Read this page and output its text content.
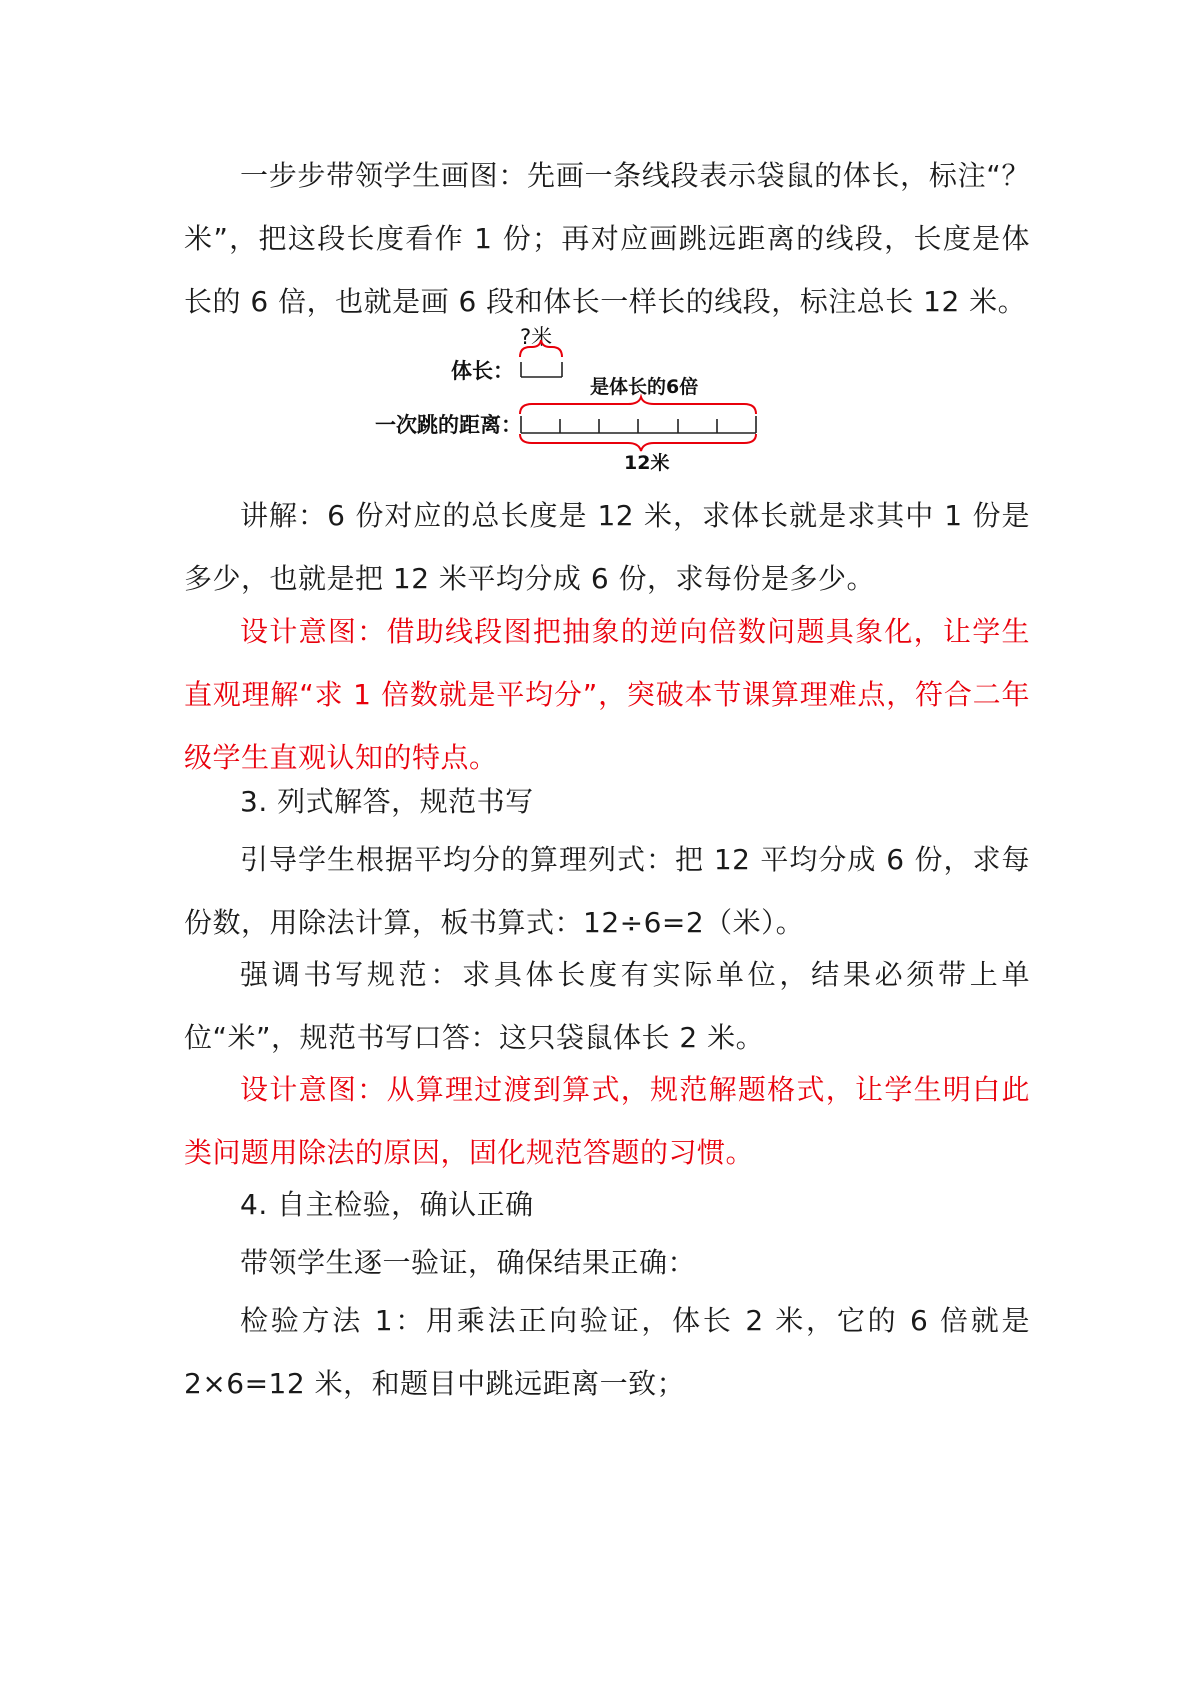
一步步带领学生画图：先画一条线段表示袋鼠的体长，标注“？米”，把这段长度看作 1 份；再对应画跳远距离的线段，长度是体长的 6 倍，也就是画 6 段和体长一样长的线段，标注总长 12 米。

?米
体长：
是体长的6倍
一次跳的距离：
12米

讲解：6 份对应的总长度是 12 米，求体长就是求其中 1 份是多少，也就是把 12 米平均分成 6 份，求每份是多少。

设计意图：借助线段图把抽象的逆向倍数问题具象化，让学生直观理解“求 1 倍数就是平均分”，突破本节课算理难点，符合二年级学生直观认知的特点。

3. 列式解答，规范书写

引导学生根据平均分的算理列式：把 12 平均分成 6 份，求每份数，用除法计算，板书算式：12÷6=2（米）。

强调书写规范：求具体长度有实际单位，结果必须带上单位“米”，规范书写口答：这只袋鼠体长 2 米。

设计意图：从算理过渡到算式，规范解题格式，让学生明白此类问题用除法的原因，固化规范答题的习惯。

4. 自主检验，确认正确

带领学生逐一验证，确保结果正确：

检验方法 1：用乘法正向验证，体长 2 米，它的 6 倍就是 2×6=12 米，和题目中跳远距离一致；
